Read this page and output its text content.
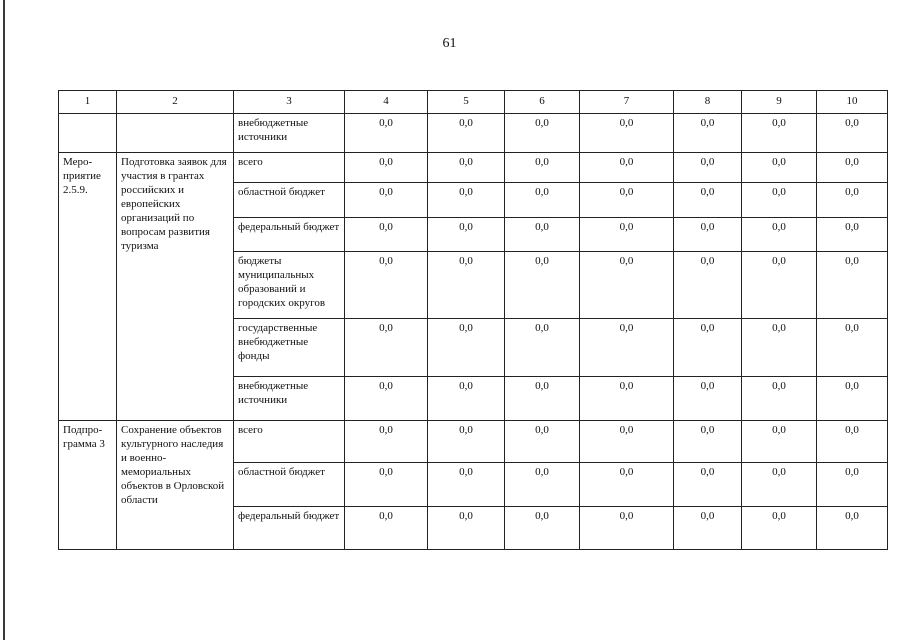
61
1	2	3	4	5	6	7	8	9	10
		внебюджетные источники	0,0	0,0	0,0	0,0	0,0	0,0	0,0
Меро-приятие 2.5.9.	Подготовка заявок для участия в грантах российских и европейских организаций по вопросам развития туризма	всего	0,0	0,0	0,0	0,0	0,0	0,0	0,0
		областной бюджет	0,0	0,0	0,0	0,0	0,0	0,0	0,0
		федеральный бюджет	0,0	0,0	0,0	0,0	0,0	0,0	0,0
		бюджеты муниципальных образований и городских округов	0,0	0,0	0,0	0,0	0,0	0,0	0,0
		государственные внебюджетные фонды	0,0	0,0	0,0	0,0	0,0	0,0	0,0
		внебюджетные источники	0,0	0,0	0,0	0,0	0,0	0,0	0,0
Подпро-грамма 3	Сохранение объектов культурного наследия и военно-мемориальных объектов в Орловской области	всего	0,0	0,0	0,0	0,0	0,0	0,0	0,0
		областной бюджет	0,0	0,0	0,0	0,0	0,0	0,0	0,0
		федеральный бюджет	0,0	0,0	0,0	0,0	0,0	0,0	0,0
